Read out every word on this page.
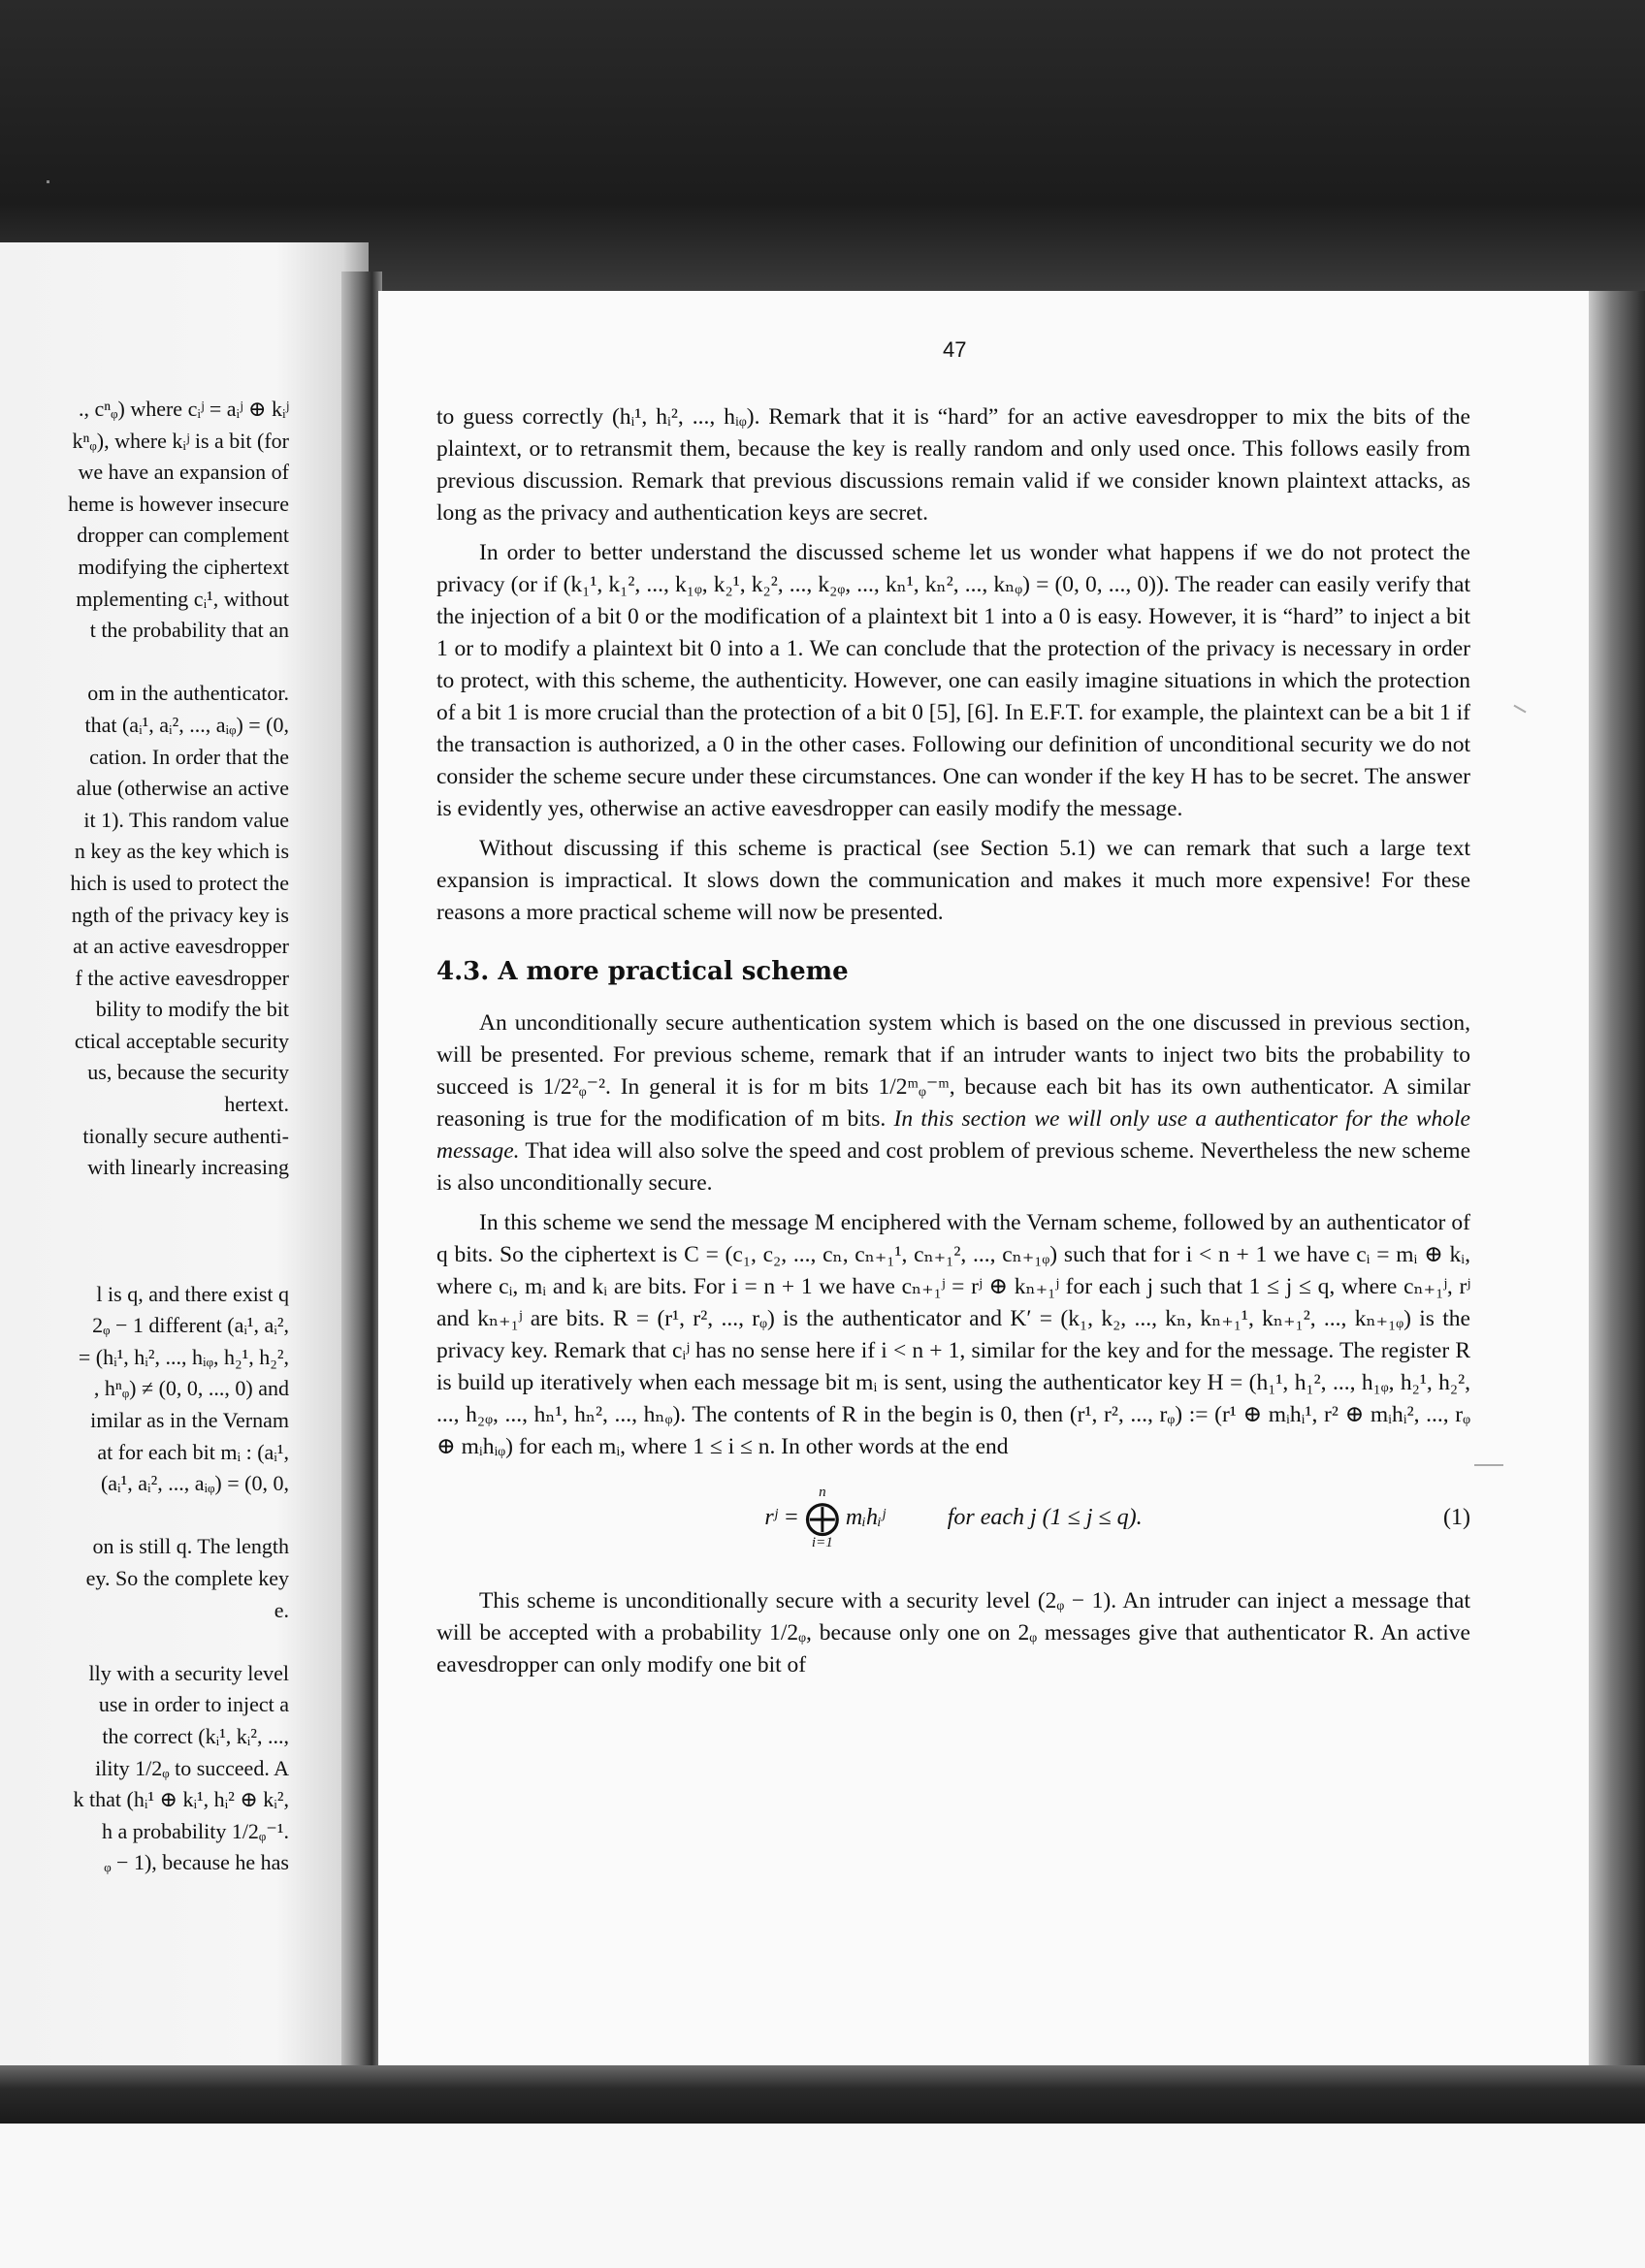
., cⁿᵩ) where cᵢʲ = aᵢʲ ⊕ kᵢʲ
kⁿᵩ), where kᵢʲ is a bit (for
we have an expansion of
heme is however insecure
dropper can complement
modifying the ciphertext
mplementing cᵢ¹, without
t the probability that an
om in the authenticator.
that (aᵢ¹, aᵢ², ..., aᵢᵩ) = (0,
cation. In order that the
alue (otherwise an active
it 1). This random value
n key as the key which is
hich is used to protect the
ngth of the privacy key is
at an active eavesdropper
f the active eavesdropper
bility to modify the bit
ctical acceptable security
us, because the security
hertext.
tionally secure authenti-
with linearly increasing
l is q, and there exist q
2ᵩ − 1 different (aᵢ¹, aᵢ²,
= (hᵢ¹, hᵢ², ..., hᵢᵩ, h₂¹, h₂²,
, hⁿᵩ) ≠ (0, 0, ..., 0) and
imilar as in the Vernam
at for each bit mᵢ : (aᵢ¹,
(aᵢ¹, aᵢ², ..., aᵢᵩ) = (0, 0,
on is still q. The length
ey. So the complete key
e.
lly with a security level
use in order to inject a
the correct (kᵢ¹, kᵢ², ...,
ility 1/2ᵩ to succeed. A
k that (hᵢ¹ ⊕ kᵢ¹, hᵢ² ⊕ kᵢ²,
h a probability 1/2ᵩ⁻¹.
ᵩ − 1), because he has
47

to guess correctly (hᵢ¹, hᵢ², ..., hᵢᵩ). Remark that it is “hard” for an active eavesdropper to mix the bits of the plaintext, or to retransmit them, because the key is really random and only used once. This follows easily from previous discussion. Remark that previous discussions remain valid if we consider known plaintext attacks, as long as the privacy and authentication keys are secret.

In order to better understand the discussed scheme let us wonder what happens if we do not protect the privacy (or if (k₁¹, k₁², ..., k₁ᵩ, k₂¹, k₂², ..., k₂ᵩ, ..., kₙ¹, kₙ², ..., kₙᵩ) = (0, 0, ..., 0)). The reader can easily verify that the injection of a bit 0 or the modification of a plaintext bit 1 into a 0 is easy. However, it is “hard” to inject a bit 1 or to modify a plaintext bit 0 into a 1. We can conclude that the protection of the privacy is necessary in order to protect, with this scheme, the authenticity. However, one can easily imagine situations in which the protection of a bit 1 is more crucial than the protection of a bit 0 [5], [6]. In E.F.T. for example, the plaintext can be a bit 1 if the transaction is authorized, a 0 in the other cases. Following our definition of unconditional security we do not consider the scheme secure under these circumstances. One can wonder if the key H has to be secret. The answer is evidently yes, otherwise an active eavesdropper can easily modify the message.

Without discussing if this scheme is practical (see Section 5.1) we can remark that such a large text expansion is impractical. It slows down the communication and makes it much more expensive! For these reasons a more practical scheme will now be presented.

4.3. A more practical scheme

An unconditionally secure authentication system which is based on the one discussed in previous section, will be presented. For previous scheme, remark that if an intruder wants to inject two bits the probability to succeed is 1/2²ᵩ⁻². In general it is for m bits 1/2ᵐᵩ⁻ᵐ, because each bit has its own authenticator. A similar reasoning is true for the modification of m bits. In this section we will only use a authenticator for the whole message. That idea will also solve the speed and cost problem of previous scheme. Nevertheless the new scheme is also unconditionally secure.

In this scheme we send the message M enciphered with the Vernam scheme, followed by an authenticator of q bits. So the ciphertext is C = (c₁, c₂, ..., cₙ, cₙ₊₁¹, cₙ₊₁², ..., cₙ₊₁ᵩ) such that for i < n + 1 we have cᵢ = mᵢ ⊕ kᵢ, where cᵢ, mᵢ and kᵢ are bits. For i = n + 1 we have cₙ₊₁ʲ = rʲ ⊕ kₙ₊₁ʲ for each j such that 1 ≤ j ≤ q, where cₙ₊₁ʲ, rʲ and kₙ₊₁ʲ are bits. R = (r¹, r², ..., rᵩ) is the authenticator and K′ = (k₁, k₂, ..., kₙ, kₙ₊₁¹, kₙ₊₁², ..., kₙ₊₁ᵩ) is the privacy key. Remark that cᵢʲ has no sense here if i < n + 1, similar for the key and for the message. The register R is build up iteratively when each message bit mᵢ is sent, using the authenticator key H = (h₁¹, h₁², ..., h₁ᵩ, h₂¹, h₂², ..., h₂ᵩ, ..., hₙ¹, hₙ², ..., hₙᵩ). The contents of R in the begin is 0, then (r¹, r², ..., rᵩ) := (r¹ ⊕ mᵢhᵢ¹, r² ⊕ mᵢhᵢ², ..., rᵩ ⊕ mᵢhᵢᵩ) for each mᵢ, where 1 ≤ i ≤ n. In other words at the end

rʲ =
n
⨁
i=1
mᵢhᵢʲ	for each j (1 ≤ j ≤ q).	(1)

This scheme is unconditionally secure with a security level (2ᵩ − 1). An intruder can inject a message that will be accepted with a probability 1/2ᵩ, because only one on 2ᵩ messages give that authenticator R. An active eavesdropper can only modify one bit of
